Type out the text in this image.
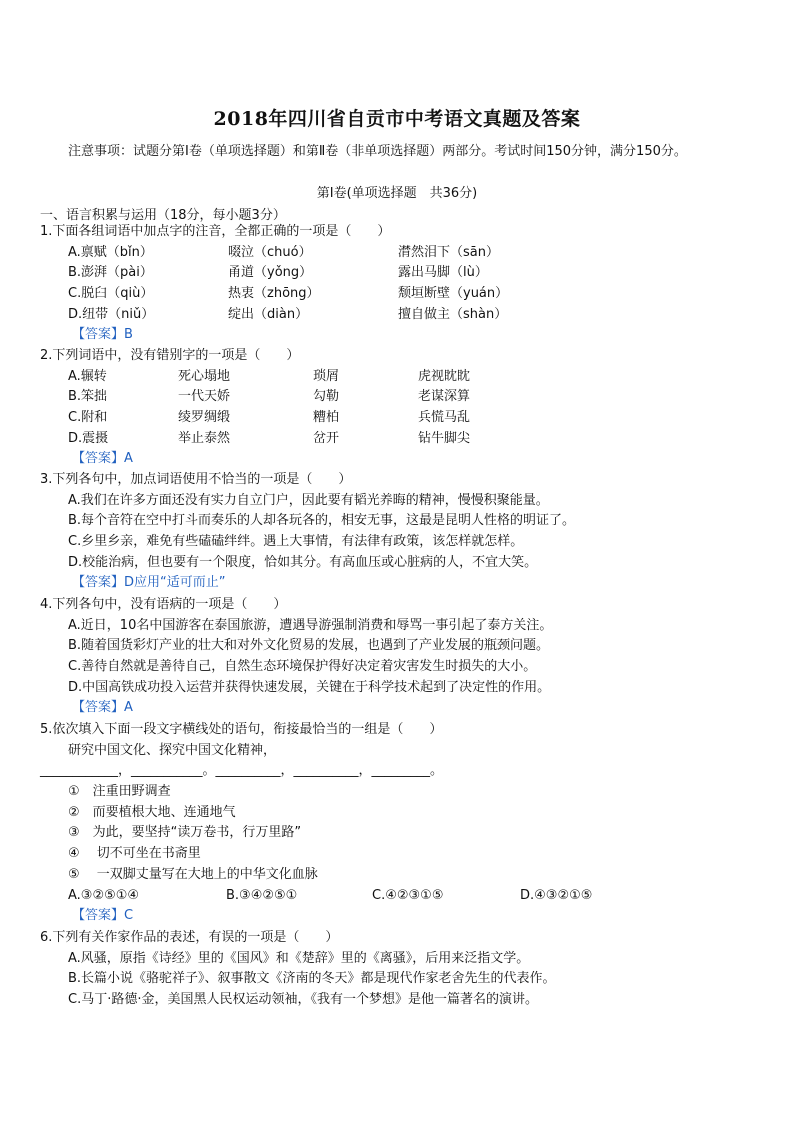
2018年四川省自贡市中考语文真题及答案
注意事项：试题分第Ⅰ卷（单项选择题）和第Ⅱ卷（非单项选择题）两部分。考试时间150分钟，满分150分。
第Ⅰ卷(单项选择题　共36分)
一、语言积累与运用（18分，每小题3分）
1.下面各组词语中加点字的注音，全都正确的一项是（　　）
A.禀赋（bǐn）	啜泣（chuó）	潸然泪下（sān）
B.澎湃（pài）	甬道（yǒng）	露出马脚（lù）
C.脱臼（qiù）	热衷（zhōng）	颓垣断壁（yuán）
D.纽带（niǔ）	绽出（diàn）	擅自做主（shàn）
【答案】 B
2.下列词语中，没有错别字的一项是（　　）
A.辗转	死心塌地	琐屑	虎视眈眈
B.笨拙	一代天娇	勾勒	老谋深算
C.附和	绫罗绸缎	糟柏	兵慌马乱
D.震摄	举止泰然	岔开	钻牛脚尖
【答案】 A
3.下列各句中，加点词语使用不恰当的一项是（　　）
A.我们在许多方面还没有实力自立门户，因此要有韬光养晦的精神，慢慢积聚能量。
B.每个音符在空中打斗而奏乐的人却各玩各的，相安无事，这最是昆明人性格的明证了。
C.乡里乡亲，难免有些磕磕绊绊。遇上大事情，有法律有政策，该怎样就怎样。
D.校能治病，但也要有一个限度，恰如其分。有高血压或心脏病的人，不宜大笑。
【答案】 D应用“适可而止”
4.下列各句中，没有语病的一项是（　　）
A.近日，10名中国游客在泰国旅游，遭遇导游强制消费和辱骂一事引起了泰方关注。
B.随着国货彩灯产业的壮大和对外文化贸易的发展，也遇到了产业发展的瓶颈问题。
C.善待自然就是善待自己，自然生态环境保护得好决定着灾害发生时损失的大小。
D.中国高铁成功投入运营并获得快速发展，关键在于科学技术起到了决定性的作用。
【答案】 A
5.依次填入下面一段文字横线处的语句，衔接最恰当的一组是（　　）
研究中国文化、探究中国文化精神，
____________，___________。__________，__________，_________。
①　注重田野调查
②　而要植根大地、连通地气
③　为此，要坚持“读万卷书，行万里路”
④　 切不可坐在书斋里
⑤　 一双脚丈量写在大地上的中华文化血脉
A.③②⑤①④	B.③④②⑤①	C.④②③①⑤	D.④③②①⑤
【答案】 C
6.下列有关作家作品的表述，有误的一项是（　　）
A.风骚，原指《诗经》里的《国风》和《楚辞》里的《离骚》，后用来泛指文学。
B.长篇小说《骆驼祥子》、叙事散文《济南的冬天》都是现代作家老舍先生的代表作。
C.马丁·路德·金，美国黑人民权运动领袖，《我有一个梦想》是他一篇著名的演讲。
